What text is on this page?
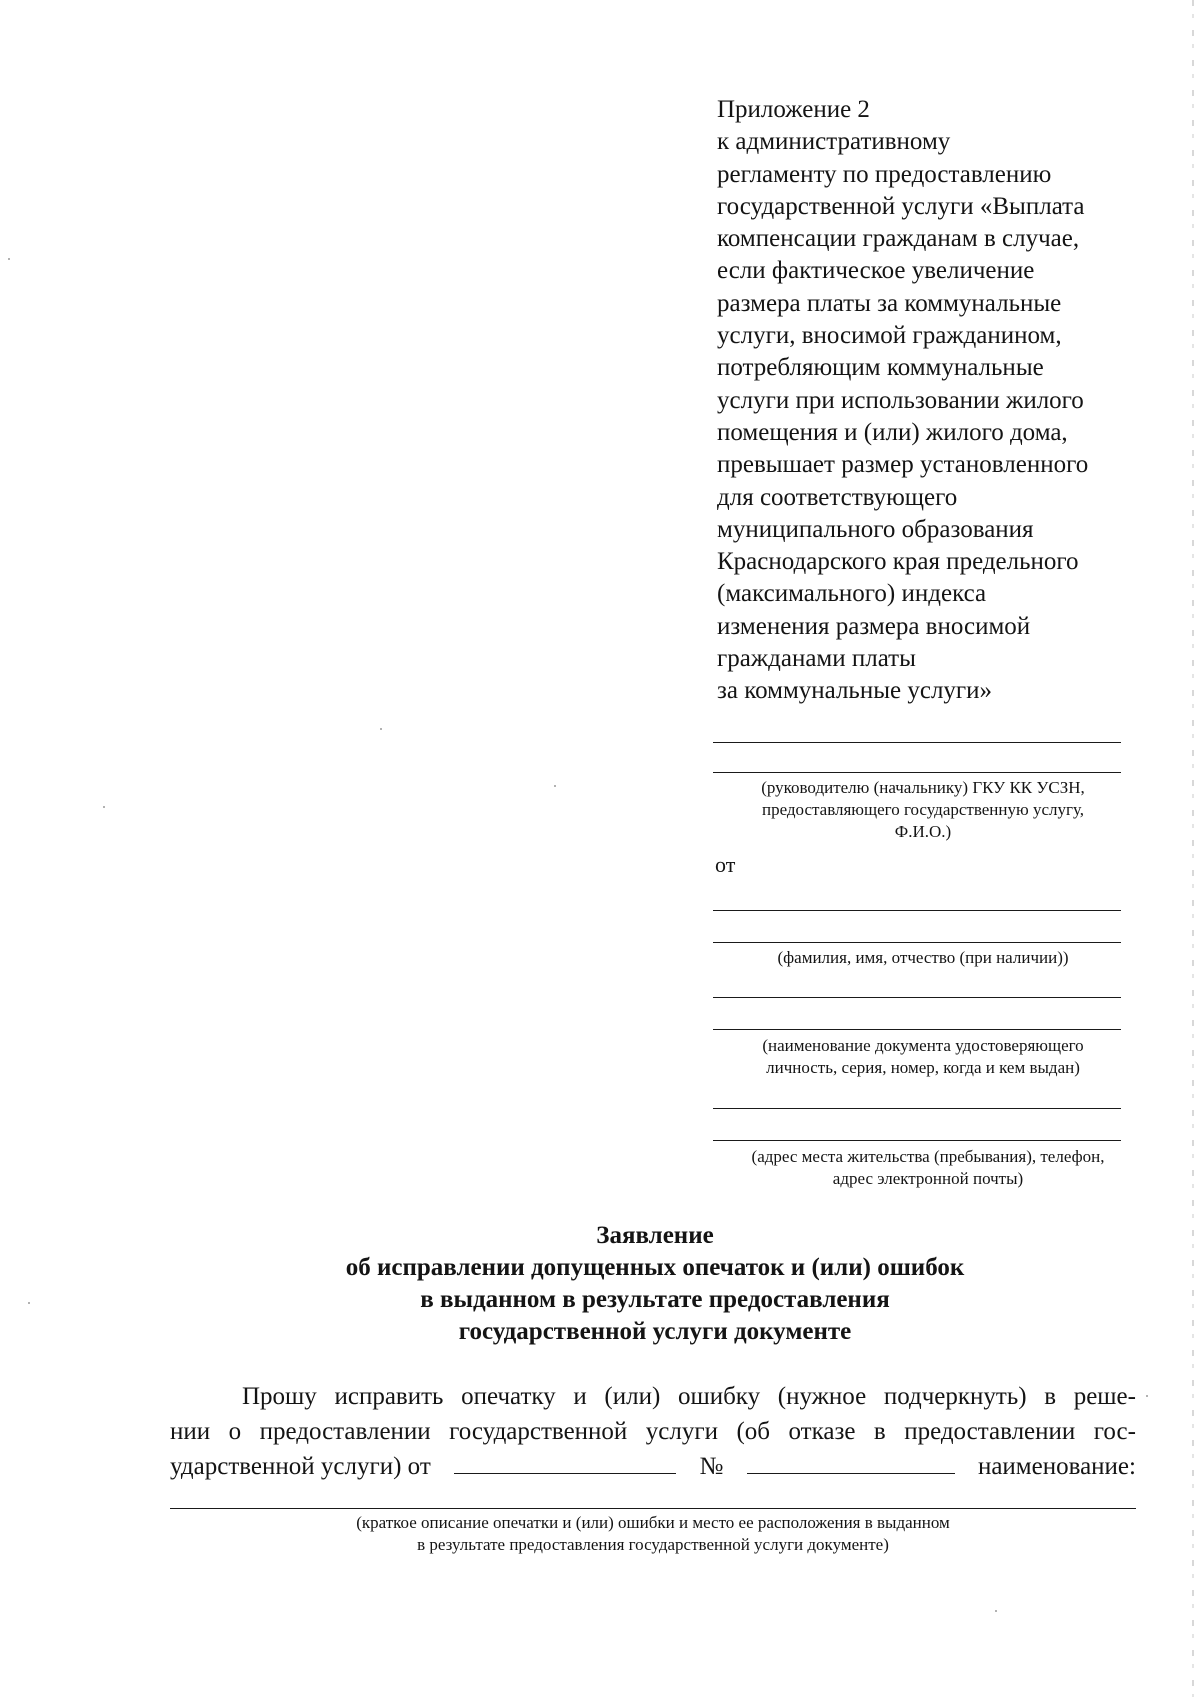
Приложение 2
к административному
регламенту по предоставлению
государственной услуги «Выплата
компенсации гражданам в случае,
если фактическое увеличение
размера платы за коммунальные
услуги, вносимой гражданином,
потребляющим коммунальные
услуги при использовании жилого
помещения и (или) жилого дома,
превышает размер установленного
для соответствующего
муниципального образования
Краснодарского края предельного
(максимального) индекса
изменения размера вносимой
гражданами платы
за коммунальные услуги»
(руководителю (начальнику) ГКУ КК УСЗН,
предоставляющего государственную услугу,
Ф.И.О.)
от
(фамилия, имя, отчество (при наличии))
(наименование документа удостоверяющего
личность, серия, номер, когда и кем выдан)
(адрес места жительства (пребывания), телефон,
адрес электронной почты)
Заявление
об исправлении допущенных опечаток и (или) ошибок
в выданном в результате предоставления
государственной услуги документе
Прошу исправить опечатку и (или) ошибку (нужное подчеркнуть) в реше-
нии о предоставлении государственной услуги (об отказе в предоставлении гос-
ударственной услуги) от	№	наименование:
(краткое описание опечатки и (или) ошибки и место ее расположения в выданном
в результате предоставления государственной услуги документе)
